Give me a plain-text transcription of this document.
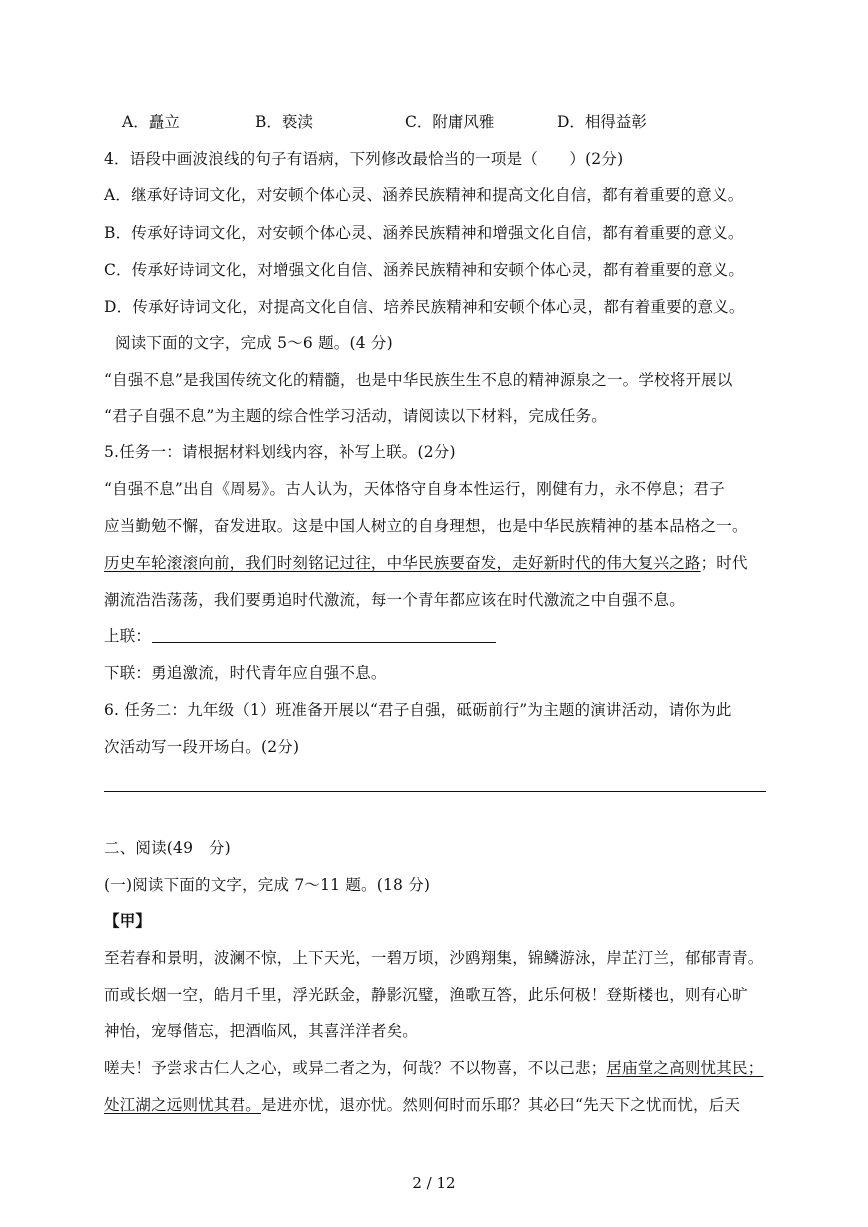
A．矗立	B．亵渎	C．附庸风雅	D．相得益彰
4．语段中画波浪线的句子有语病，下列修改最恰当的一项是（　　）(2分)
A．继承好诗词文化，对安顿个体心灵、涵养民族精神和提高文化自信，都有着重要的意义。
B．传承好诗词文化，对安顿个体心灵、涵养民族精神和增强文化自信，都有着重要的意义。
C．传承好诗词文化，对增强文化自信、涵养民族精神和安顿个体心灵，都有着重要的意义。
D．传承好诗词文化，对提高文化自信、培养民族精神和安顿个体心灵，都有着重要的意义。
阅读下面的文字，完成 5～6 题。(4 分)
“自强不息”是我国传统文化的精髓，也是中华民族生生不息的精神源泉之一。学校将开展以
“君子自强不息”为主题的综合性学习活动，请阅读以下材料，完成任务。
5.任务一：请根据材料划线内容，补写上联。(2分)
“自强不息”出自《周易》。古人认为，天体恪守自身本性运行，刚健有力，永不停息；君子
应当勤勉不懈，奋发进取。这是中国人树立的自身理想，也是中华民族精神的基本品格之一。
历史车轮滚滚向前，我们时刻铭记过往，中华民族要奋发，走好新时代的伟大复兴之路；时代
潮流浩浩荡荡，我们要勇追时代激流，每一个青年都应该在时代激流之中自强不息。
上联：
下联：勇追激流，时代青年应自强不息。
6. 任务二：九年级（1）班准备开展以“君子自强，砥砺前行”为主题的演讲活动，请你为此
次活动写一段开场白。(2分)
二、阅读(49　分)
(一)阅读下面的文字，完成 7～11 题。(18 分)
【甲】
至若春和景明，波澜不惊，上下天光，一碧万顷，沙鸥翔集，锦鳞游泳，岸芷汀兰，郁郁青青。
而或长烟一空，皓月千里，浮光跃金，静影沉璧，渔歌互答，此乐何极！登斯楼也，则有心旷
神怡，宠辱偕忘，把酒临风，其喜洋洋者矣。
嗟夫！予尝求古仁人之心，或异二者之为，何哉？不以物喜，不以己悲；居庙堂之高则忧其民；
处江湖之远则忧其君。是进亦忧，退亦忧。然则何时而乐耶？其必曰“先天下之忧而忧，后天
2 / 12
